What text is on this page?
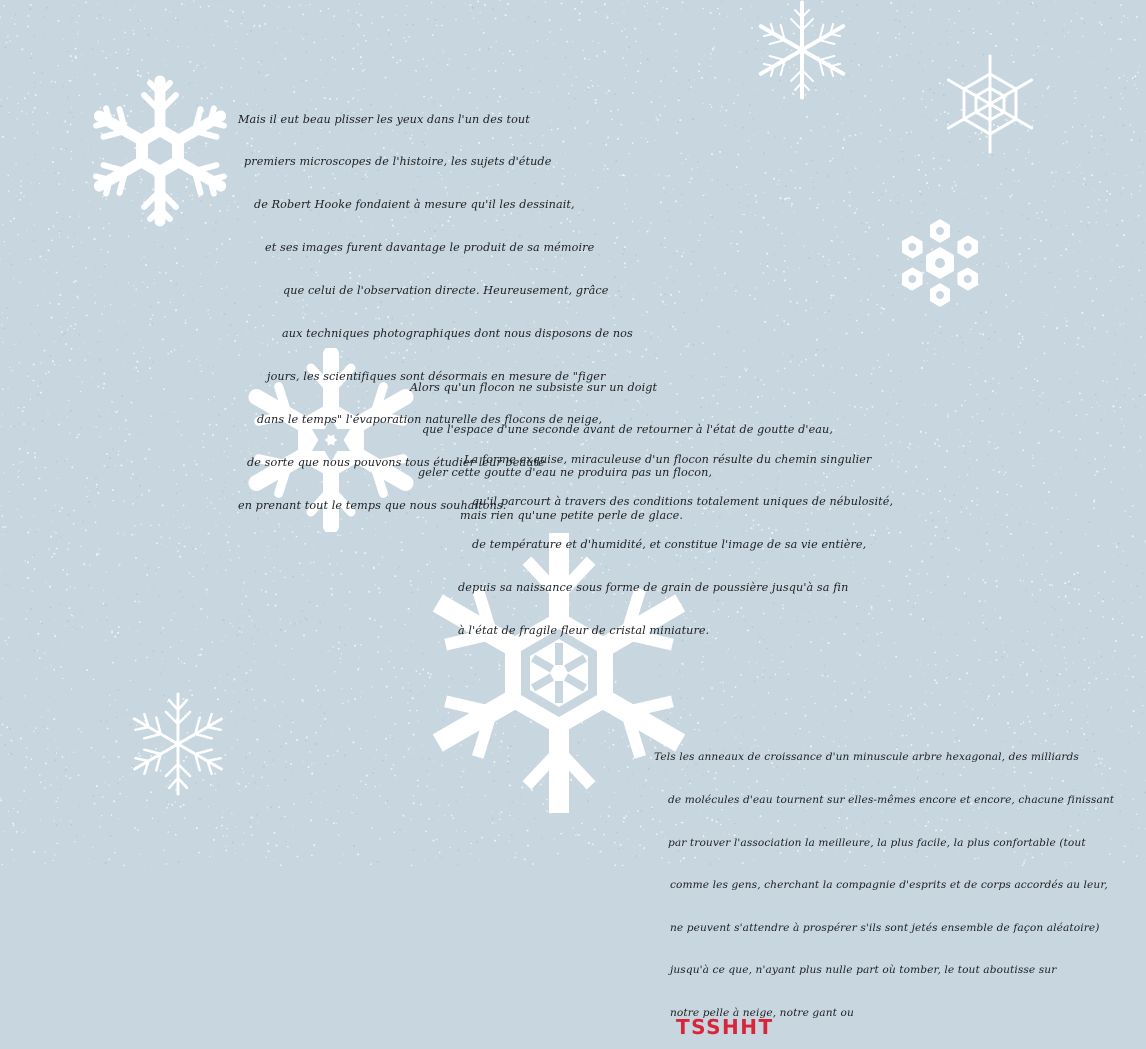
Mais il eut beau plisser les yeux dans l'un des tout

premiers microscopes de l'histoire, les sujets d'étude

de Robert Hooke fondaient à mesure qu'il les dessinait,

et ses images furent davantage le produit de sa mémoire

que celui de l'observation directe. Heureusement, grâce

aux techniques photographiques dont nous disposons de nos

jours, les scientifiques sont désormais en mesure de "figer

dans le temps" l'évaporation naturelle des flocons de neige,

de sorte que nous pouvons tous étudier leur beauté

en prenant tout le temps que nous souhaitons.

Alors qu'un flocon ne subsiste sur un doigt

que l'espace d'une seconde avant de retourner à l'état de goutte d'eau,

geler cette goutte d'eau ne produira pas un flocon,

mais rien qu'une petite perle de glace.

La forme exquise, miraculeuse d'un flocon résulte du chemin singulier

qu'il parcourt à travers des conditions totalement uniques de nébulosité,

de température et d'humidité, et constitue l'image de sa vie entière,

depuis sa naissance sous forme de grain de poussière jusqu'à sa fin

à l'état de fragile fleur de cristal miniature.

Tels les anneaux de croissance d'un minuscule arbre hexagonal, des milliards

de molécules d'eau tournent sur elles-mêmes encore et encore, chacune finissant

par trouver l'association la meilleure, la plus facile, la plus confortable (tout

comme les gens, cherchant la compagnie d'esprits et de corps accordés au leur,

ne peuvent s'attendre à prospérer s'ils sont jetés ensemble de façon aléatoire)

jusqu'à ce que, n'ayant plus nulle part où tomber, le tout aboutisse sur

notre pelle à neige, notre gant ou
TSSHHT
